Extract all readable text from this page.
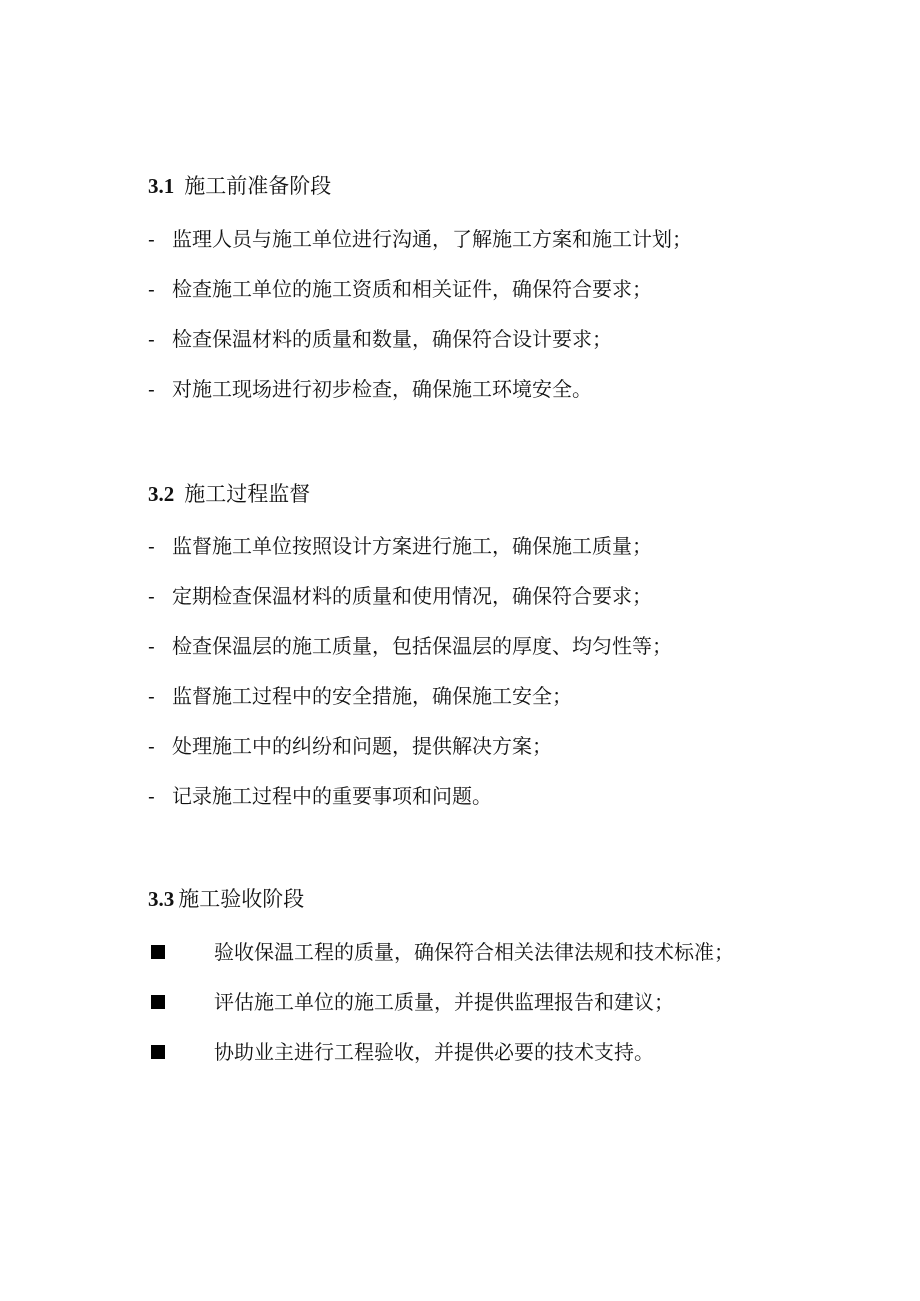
3.1 施工前准备阶段
- 监理人员与施工单位进行沟通，了解施工方案和施工计划；
- 检查施工单位的施工资质和相关证件，确保符合要求；
- 检查保温材料的质量和数量，确保符合设计要求；
- 对施工现场进行初步检查，确保施工环境安全。
3.2 施工过程监督
- 监督施工单位按照设计方案进行施工，确保施工质量；
- 定期检查保温材料的质量和使用情况，确保符合要求；
- 检查保温层的施工质量，包括保温层的厚度、均匀性等；
- 监督施工过程中的安全措施，确保施工安全；
- 处理施工中的纠纷和问题，提供解决方案；
- 记录施工过程中的重要事项和问题。
3.3 施工验收阶段
验收保温工程的质量，确保符合相关法律法规和技术标准；
评估施工单位的施工质量，并提供监理报告和建议；
协助业主进行工程验收，并提供必要的技术支持。
